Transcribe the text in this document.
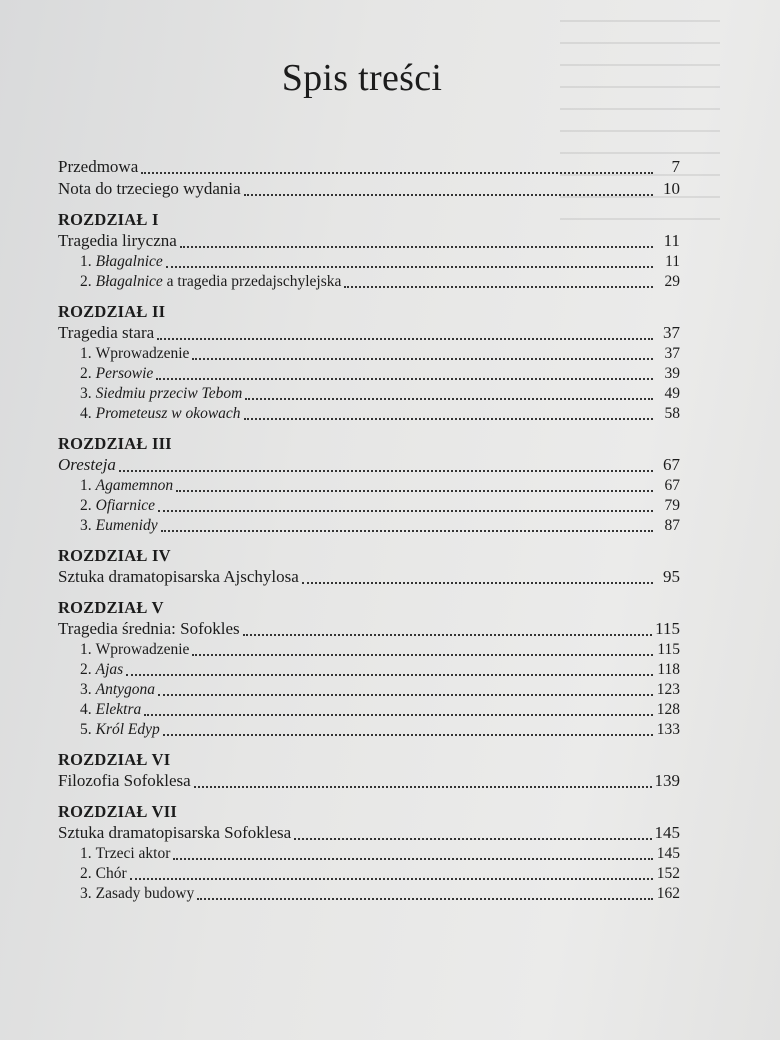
Spis treści
Przedmowa	7
Nota do trzeciego wydania	10
ROZDZIAŁ I
Tragedia liryczna	11
1. Błagalnice	11
2. Błagalnice a tragedia przedajschylejska	29
ROZDZIAŁ II
Tragedia stara	37
1. Wprowadzenie	37
2. Persowie	39
3. Siedmiu przeciw Tebom	49
4. Prometeusz w okowach	58
ROZDZIAŁ III
Oresteja	67
1. Agamemnon	67
2. Ofiarnice	79
3. Eumenidy	87
ROZDZIAŁ IV
Sztuka dramatopisarska Ajschylosa	95
ROZDZIAŁ V
Tragedia średnia: Sofokles	115
1. Wprowadzenie	115
2. Ajas	118
3. Antygona	123
4. Elektra	128
5. Król Edyp	133
ROZDZIAŁ VI
Filozofia Sofoklesa	139
ROZDZIAŁ VII
Sztuka dramatopisarska Sofoklesa	145
1. Trzeci aktor	145
2. Chór	152
3. Zasady budowy	162
